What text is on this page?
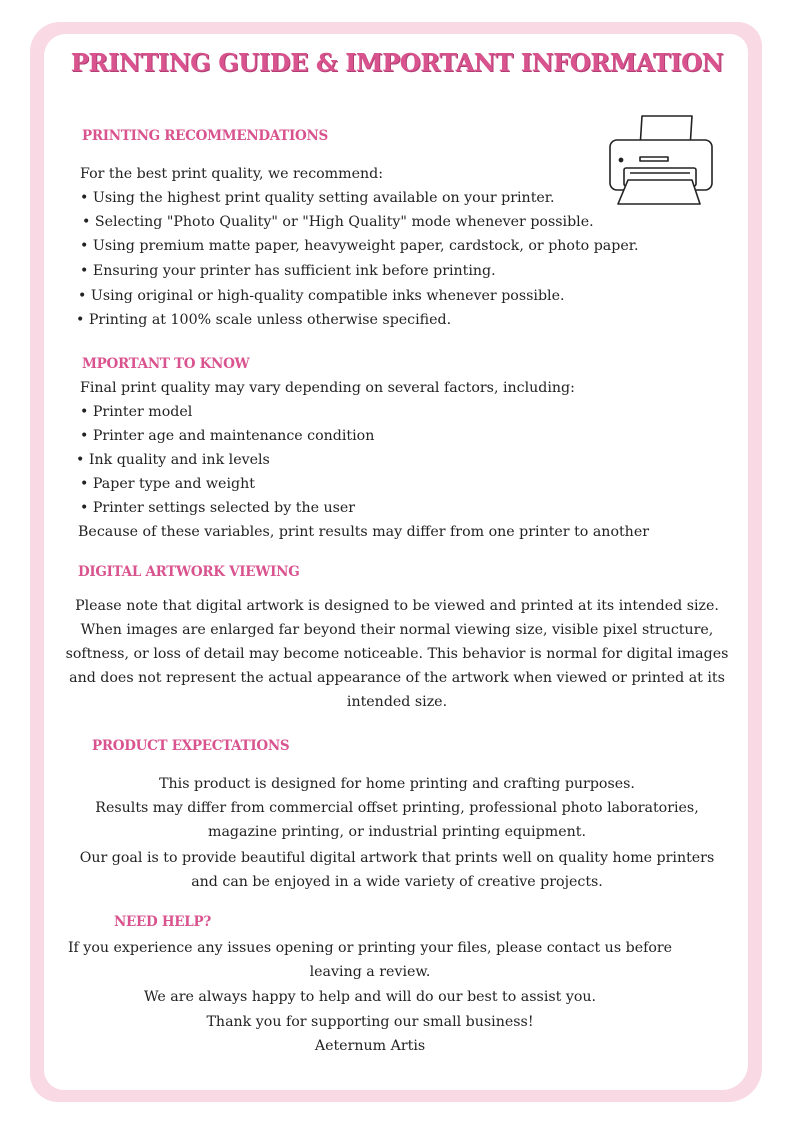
PRINTING GUIDE & IMPORTANT INFORMATION
PRINTING RECOMMENDATIONS
For the best print quality, we recommend:
• Using the highest print quality setting available on your printer.
• Selecting "Photo Quality" or "High Quality" mode whenever possible.
• Using premium matte paper, heavyweight paper, cardstock, or photo paper.
• Ensuring your printer has sufficient ink before printing.
• Using original or high-quality compatible inks whenever possible.
• Printing at 100% scale unless otherwise specified.
MPORTANT TO KNOW
Final print quality may vary depending on several factors, including:
• Printer model
• Printer age and maintenance condition
• Ink quality and ink levels
• Paper type and weight
• Printer settings selected by the user
Because of these variables, print results may differ from one printer to another
DIGITAL ARTWORK VIEWING
Please note that digital artwork is designed to be viewed and printed at its intended size.
When images are enlarged far beyond their normal viewing size, visible pixel structure,
softness, or loss of detail may become noticeable. This behavior is normal for digital images
and does not represent the actual appearance of the artwork when viewed or printed at its
intended size.
PRODUCT EXPECTATIONS
This product is designed for home printing and crafting purposes.
Results may differ from commercial offset printing, professional photo laboratories,
magazine printing, or industrial printing equipment.
Our goal is to provide beautiful digital artwork that prints well on quality home printers
and can be enjoyed in a wide variety of creative projects.
NEED HELP?
If you experience any issues opening or printing your files, please contact us before
leaving a review.
We are always happy to help and will do our best to assist you.
Thank you for supporting our small business!
Aeternum Artis
